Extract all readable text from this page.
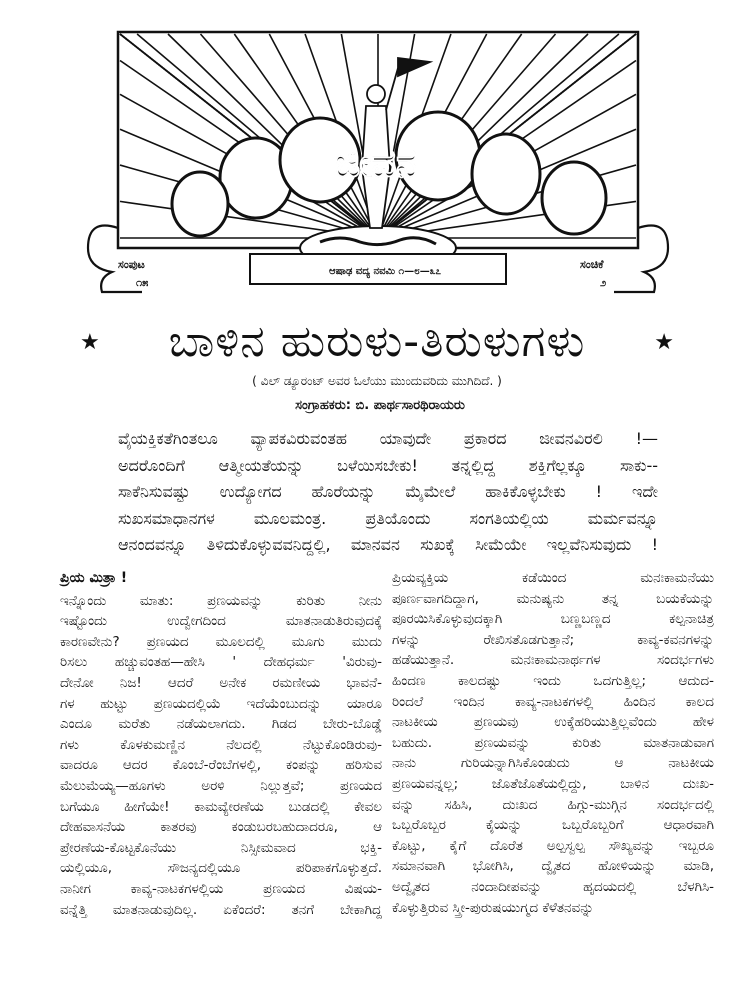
ಜೀವನ
ಸಂಪುಟ
೧೫
ಆಷಾಢ ವದ್ಯ ನವಮಿ ೧—೮—೩೭
ಸಂಚಿಕೆ
೨
★	ಬಾಳಿನ ಹುರುಳು-ತಿರುಳುಗಳು	★
( ವಿಲ್ ಡ್ಯೂರಂಟ್ ಅವರ ಓಲೆಯು ಮುಂದುವರಿದು ಮುಗಿದಿದೆ. )
ಸಂಗ್ರಾಹಕರು: ಬಿ. ಪಾರ್ಥಸಾರಥಿರಾಯರು
ವೈಯಕ್ತಿಕತೆಗಿಂತಲೂ ವ್ಯಾಪಕವಿರುವಂತಹ ಯಾವುದೇ ಪ್ರಕಾರದ ಜೀವನವಿರಲಿ !—
ಅದರೊಂದಿಗೆ ಆತ್ಮೀಯತೆಯನ್ನು ಬಳೆಯಿಸಬೇಕು! ತನ್ನಲ್ಲಿದ್ದ ಶಕ್ತಿಗೆಲ್ಲಕ್ಕೂ ಸಾಕು--
ಸಾಕೆನಿಸುವಷ್ಟು ಉದ್ಯೋಗದ ಹೊರೆಯನ್ನು ಮೈಮೇಲೆ ಹಾಕಿಕೊಳ್ಳಬೇಕು ! ಇದೇ
ಸುಖಸಮಾಧಾನಗಳ ಮೂಲಮಂತ್ರ. ಪ್ರತಿಯೊಂದು ಸಂಗತಿಯಲ್ಲಿಯ ಮರ್ಮವನ್ನೂ
ಆನಂದವನ್ನೂ ತಿಳಿದುಕೊಳ್ಳುವವನಿದ್ದಲ್ಲಿ, ಮಾನವನ ಸುಖಕ್ಕೆ ಸೀಮೆಯೇ ಇಲ್ಲವೆನಿಸುವುದು !
ಪ್ರಿಯ ಮಿತ್ರಾ !
ಇನ್ನೊಂದು ಮಾತು: ಪ್ರಣಯವನ್ನು ಕುರಿತು ನೀನು
ಇಷ್ಟೊಂದು ಉದ್ವೇಗದಿಂದ ಮಾತನಾಡುತಿರುವುದಕ್ಕೆ
ಕಾರಣವೇನು? ಪ್ರಣಯದ ಮೂಲದಲ್ಲಿ ಮೂಗು ಮುದು
ರಿಸಲು ಹಚ್ಚುವಂತಹ—ಹೇಸಿ ' ದೇಹಧರ್ಮ 'ವಿರುವು-
ದೇನೋ ನಿಜ! ಆದರೆ ಅನೇಕ ರಮಣೀಯ ಭಾವನೆ-
ಗಳ ಹುಟ್ಟು ಪ್ರಣಯದಲ್ಲಿಯೆ ಇದೆಯೆಂಬುದನ್ನು ಯಾರೂ
ಎಂದೂ ಮರೆತು ನಡೆಯಲಾಗದು. ಗಿಡದ ಬೇರು-ಬೊಡ್ಡೆ
ಗಳು ಕೊಳಕುಮಣ್ಣಿನ ನೆಲದಲ್ಲಿ ನೆಟ್ಟುಕೊಂಡಿರುವು-
ವಾದರೂ ಆದರ ಕೊಂಬೆ-ರೆಂಬೆಗಳಲ್ಲಿ, ಕಂಪನ್ನು ಹರಿಸುವ
ಮೆಲುಮೆಯ್ಯ—ಹೂಗಳು ಅರಳಿ ನಿಲ್ಲುತ್ತವೆ; ಪ್ರಣಯದ
ಬಗೆಯೂ ಹೀಗೆಯೇ! ಕಾಮವ್ಯೇರಣೆಯ ಬುಡದಲ್ಲಿ ಕೇವಲ
ದೇಹವಾಸನೆಯ ಕಾತರವು ಕಂಡುಬರಬಹುದಾದರೂ, ಆ
ಪ್ರೇರಣೆಯ-ಕೊಟ್ಟಕೊನೆಯು ನಿಸ್ಸೀಮವಾದ ಭಕ್ತಿ-
ಯಲ್ಲಿಯೂ, ಸೌಜನ್ಯದಲ್ಲಿಯೂ ಪರಿಪಾಕಗೊಳ್ಳುತ್ತದೆ.
ನಾನೀಗ ಕಾವ್ಯ-ನಾಟಕಗಳಲ್ಲಿಯ ಪ್ರಣಯದ ವಿಷಯ-
ವನ್ನೆತ್ತಿ ಮಾತನಾಡುವುದಿಲ್ಲ. ಏಕೆಂದರೆ: ತನಗೆ ಬೇಕಾಗಿದ್ದ
ಪ್ರಿಯವ್ಯಕ್ತಿಯ ಕಡೆಯಿಂದ ಮನಃಕಾಮನೆಯು
ಪೂರ್ಣವಾಗದಿದ್ದಾಗ, ಮನುಷ್ಯನು ತನ್ನ ಬಯಕೆಯನ್ನು
ಪೂರಯಿಸಿಕೊಳ್ಳುವುದಕ್ಕಾಗಿ ಬಣ್ಣಬಣ್ಣದ ಕಲ್ಪನಾಚಿತ್ರ
ಗಳನ್ನು ರೇಖಿಸತೊಡಗುತ್ತಾನೆ; ಕಾವ್ಯ-ಕವನಗಳನ್ನು
ಹಡೆಯುತ್ತಾನೆ. ಮನಃಕಾಮನಾರ್ಥಗಳ ಸಂದರ್ಭಗಳು
ಹಿಂದಣ ಕಾಲದಷ್ಟು ಇಂದು ಒದಗುತ್ತಿಲ್ಲ; ಆದುದ-
ರಿಂದಲೆ ಇಂದಿನ ಕಾವ್ಯ-ನಾಟಕಗಳಲ್ಲಿ ಹಿಂದಿನ ಕಾಲದ
ನಾಟಕೀಯ ಪ್ರಣಯವು ಉಕ್ಕೆಹರಿಯುತ್ತಿಲ್ಲವೆಂದು ಹೇಳ
ಬಹುದು. ಪ್ರಣಯವನ್ನು ಕುರಿತು ಮಾತನಾಡುವಾಗ
ನಾನು ಗುರಿಯನ್ನಾಗಿಸಿಕೊಂಡುದು ಆ ನಾಟಕೀಯ
ಪ್ರಣಯವನ್ನಲ್ಲ; ಜೊತೆಜೊತೆಯಲ್ಲಿದ್ದು, ಬಾಳಿನ ದುಃಖ-
ವನ್ನು ಸಹಿಸಿ, ದುಃಖದ ಹಿಗ್ಗು-ಮುಗ್ಗಿನ ಸಂದರ್ಭದಲ್ಲಿ
ಒಬ್ಬರೊಬ್ಬರ ಕೈಯನ್ನು ಒಬ್ಬರೊಬ್ಬರಿಗೆ ಆಧಾರವಾಗಿ
ಕೊಟ್ಟು, ಕೈಗೆ ದೊರೆತ ಅಲ್ಪಸ್ವಲ್ಪ ಸೌಖ್ಯವನ್ನು ಇಬ್ಬರೂ
ಸಮಾನವಾಗಿ ಭೋಗಿಸಿ, ದ್ವೈತದ ಹೋಳಿಯನ್ನು ಮಾಡಿ,
ಅದ್ವೈತದ ನಂದಾದೀಪವನ್ನು ಹೃದಯದಲ್ಲಿ ಬೆಳಗಿಸಿ-
ಕೊಳ್ಳುತ್ತಿರುವ ಸ್ತ್ರೀ-ಪುರುಷಯುಗ್ಮದ ಕೆಳೆತನವನ್ನು
